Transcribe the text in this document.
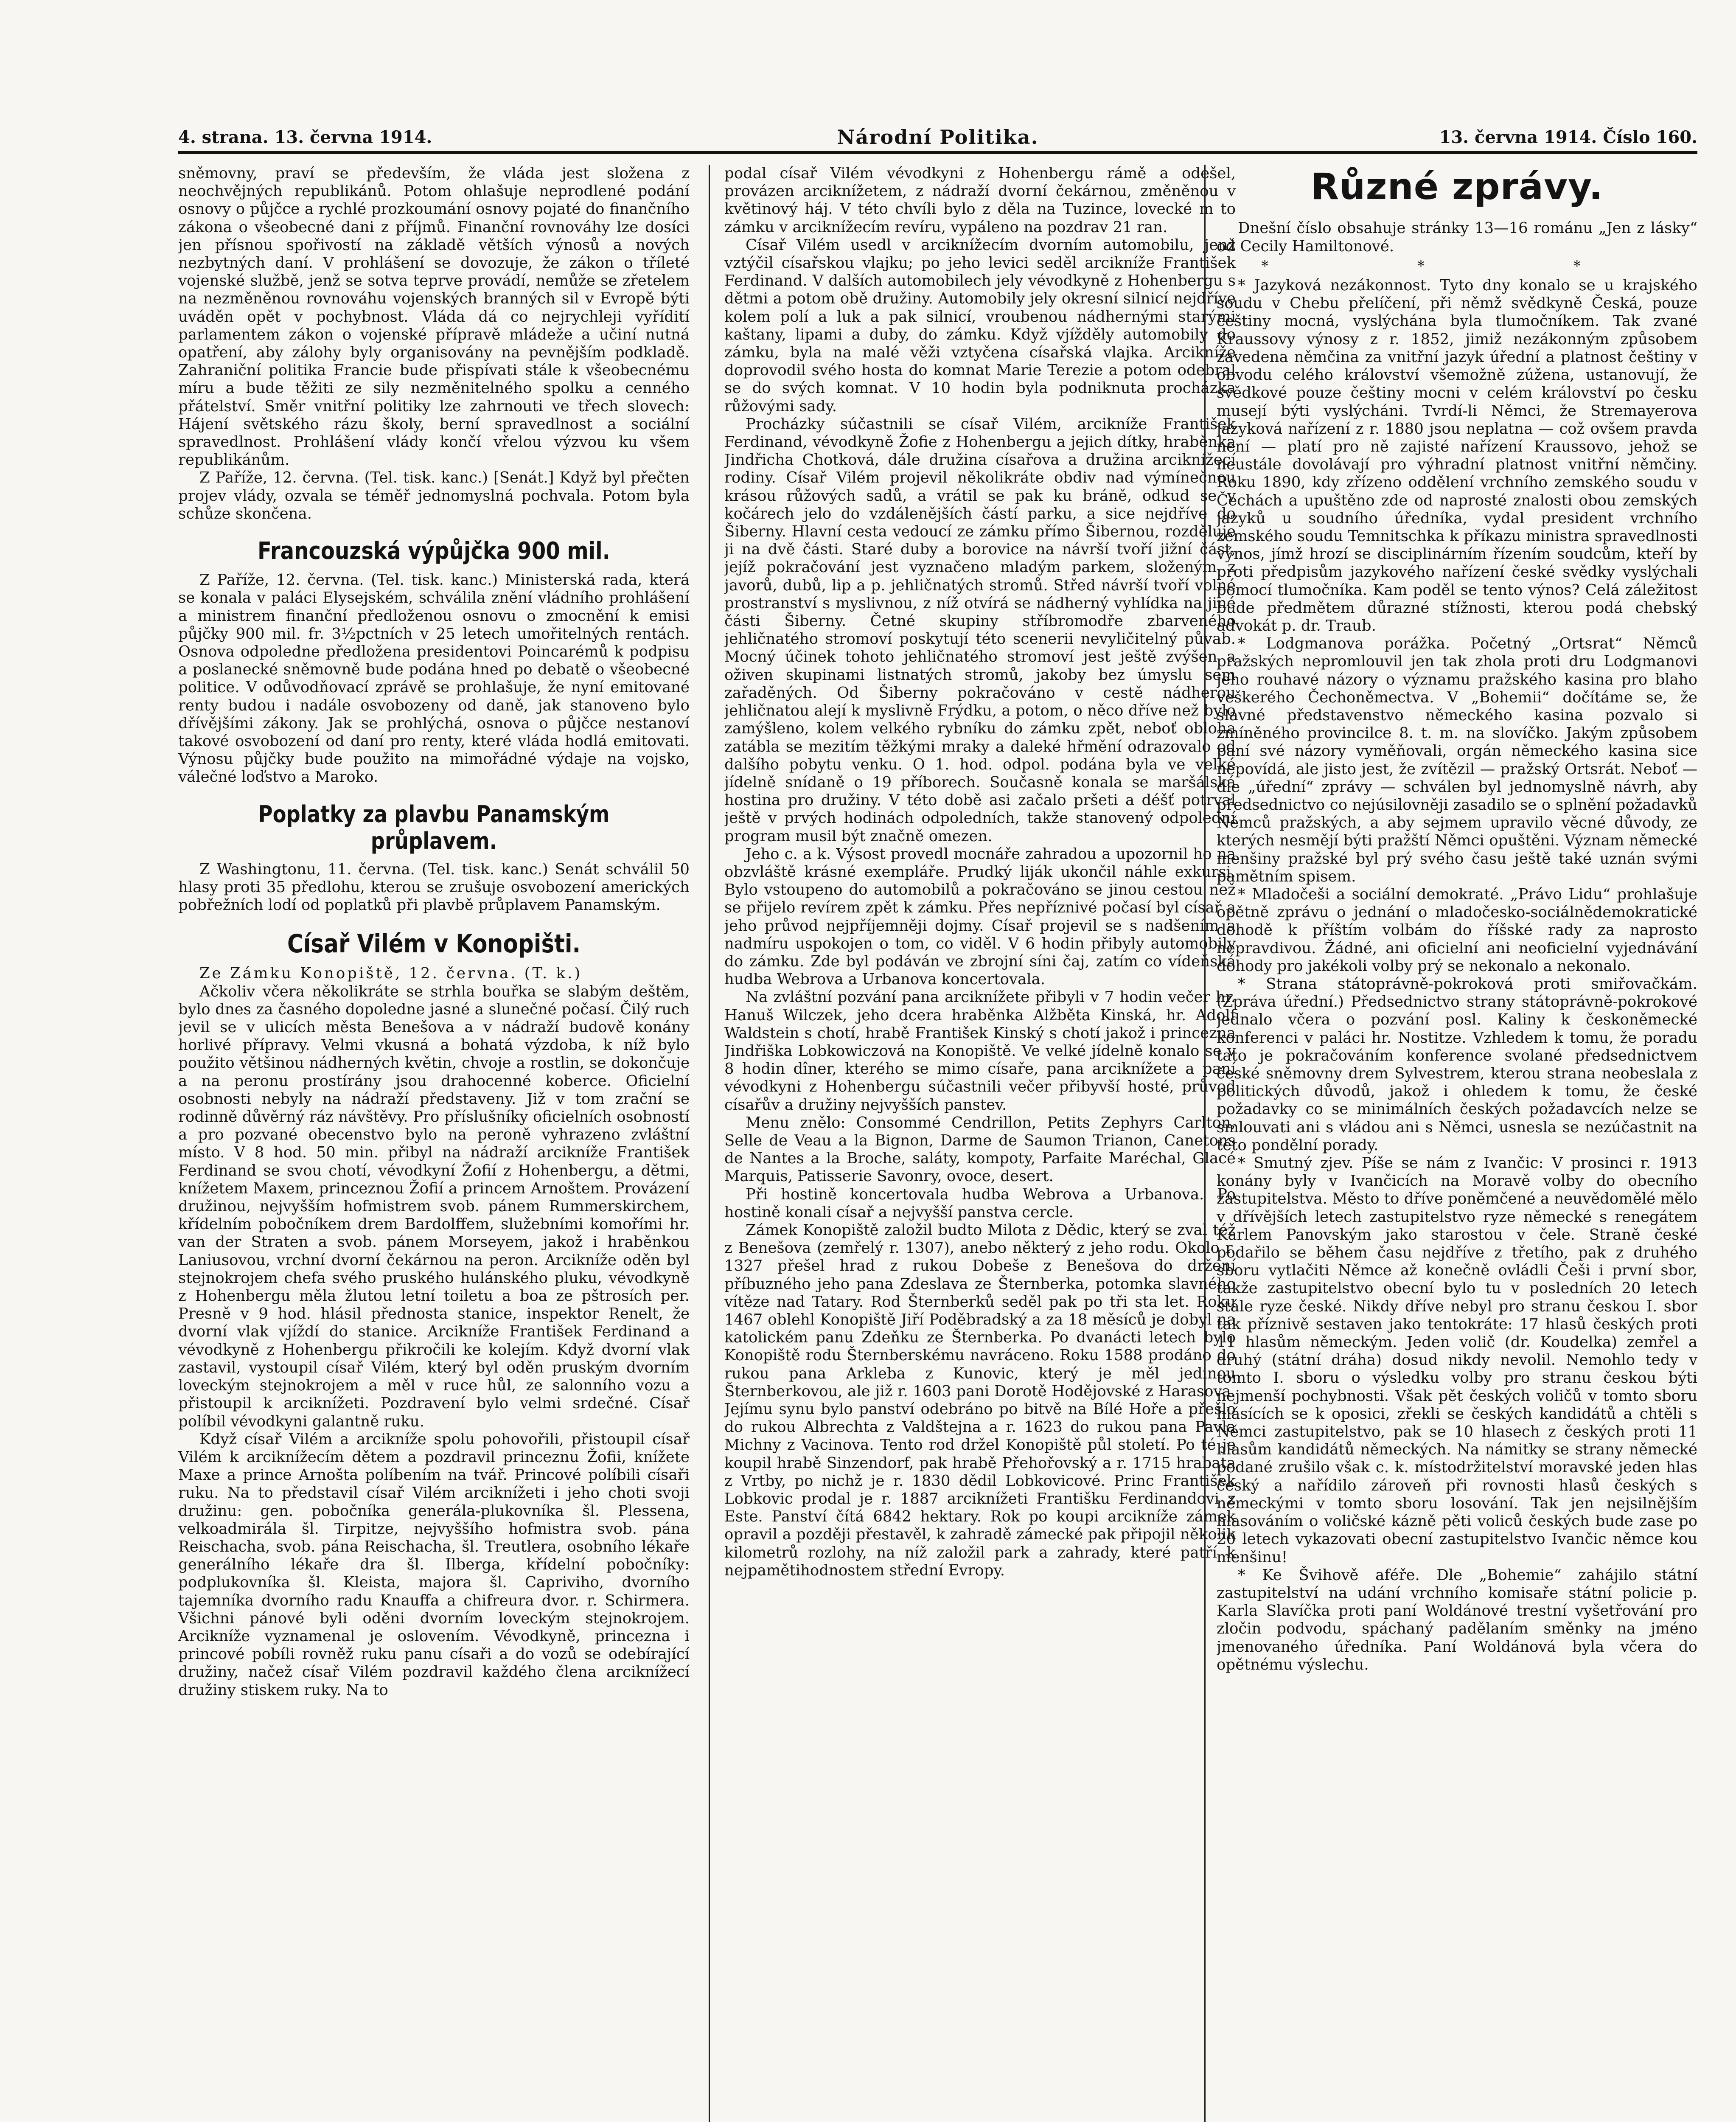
4. strana. 13. června 1914.	Národní Politika.	13. června 1914. Číslo 160.

sněmovny, praví se především, že vláda jest složena z neochvějných republikánů. Potom ohlašuje neprodlené podání osnovy o půjčce a rychlé prozkoumání osnovy pojaté do finančního zákona o všeobecné dani z příjmů. Finanční rovnováhy lze dosíci jen přísnou spořivostí na základě větších výnosů a nových nezbytných daní. V prohlášení se dovozuje, že zákon o tříleté vojenské službě, jenž se sotva teprve provádí, nemůže se zřetelem na nezměněnou rovnováhu vojenských branných sil v Evropě býti uváděn opět v pochybnost. Vláda dá co nejrychleji vyřídití parlamentem zákon o vojenské přípravě mládeže a učiní nutná opatření, aby zálohy byly organisovány na pevnějším podkladě. Zahraniční politika Francie bude přispívati stále k všeobecnému míru a bude těžiti ze sily nezměnitelného spolku a cenného přátelství. Směr vnitřní politiky lze zahrnouti ve třech slovech: Hájení světského rázu školy, berní spravedlnost a sociální spravedlnost. Prohlášení vlády končí vřelou výzvou ku všem republikánům.

Z Paříže, 12. června. (Tel. tisk. kanc.) [Senát.] Když byl přečten projev vlády, ozvala se téměř jednomyslná pochvala. Potom byla schůze skončena.

Francouzská výpůjčka 900 mil.

Z Paříže, 12. června. (Tel. tisk. kanc.) Ministerská rada, která se konala v paláci Elysejském, schválila znění vládního prohlášení a ministrem finanční předloženou osnovu o zmocnění k emisi půjčky 900 mil. fr. 3½pctních v 25 letech umořitelných rentách. Osnova odpoledne předložena presidentovi Poincarémů k podpisu a poslanecké sněmovně bude podána hned po debatě o všeobecné politice. V odůvodňovací zprávě se prohlašuje, že nyní emitované renty budou i nadále osvobozeny od daně, jak stanoveno bylo dřívějšími zákony. Jak se prohlýchá, osnova o půjčce nestanoví takové osvobození od daní pro renty, které vláda hodlá emitovati. Výnosu půjčky bude použito na mimořádné výdaje na vojsko, válečné loďstvo a Maroko.

Poplatky za plavbu Panamským průplavem.

Z Washingtonu, 11. června. (Tel. tisk. kanc.) Senát schválil 50 hlasy proti 35 předlohu, kterou se zrušuje osvobození amerických pobřežních lodí od poplatků při plavbě průplavem Panamským.

Císař Vilém v Konopišti.

Ze Zámku Konopiště, 12. června. (T. k.)

Ačkoliv včera několikráte se strhla bouřka se slabým deštěm, bylo dnes za časného dopoledne jasné a slunečné počasí. Čilý ruch jevil se v ulicích města Benešova a v nádraží budově konány horlivé přípravy. Velmi vkusná a bohatá výzdoba, k níž bylo použito většinou nádherných květin, chvoje a rostlin, se dokončuje a na peronu prostírány jsou drahocenné koberce. Oficielní osobnosti nebyly na nádraží představeny. Již v tom zrační se rodinně důvěrný ráz návštěvy. Pro příslušníky oficielních osobností a pro pozvané obecenstvo bylo na peroně vyhrazeno zvláštní místo. V 8 hod. 50 min. přibyl na nádraží arcikníže František Ferdinand se svou chotí, vévodkyní Žofií z Hohenbergu, a dětmi, knížetem Maxem, princeznou Žofií a princem Arnoštem. Provázení družinou, nejvyšším hofmistrem svob. pánem Rummerskirchem, křídelním pobočníkem drem Bardolffem, služebními komořími hr. van der Straten a svob. pánem Morseyem, jakož i hraběnkou Laniusovou, vrchní dvorní čekárnou na peron. Arcikníže oděn byl stejnokrojem chefa svého pruského hulánského pluku, vévodkyně z Hohenbergu měla žlutou letní toiletu a boa ze pštrosích per. Presně v 9 hod. hlásil přednosta stanice, inspektor Renelt, že dvorní vlak vjíždí do stanice. Arcikníže František Ferdinand a vévodkyně z Hohenbergu přikročili ke kolejím. Když dvorní vlak zastavil, vystoupil císař Vilém, který byl oděn pruským dvorním loveckým stejnokrojem a měl v ruce hůl, ze salonního vozu a přistoupil k arciknížeti. Pozdravení bylo velmi srdečné. Císař políbil vévodkyni galantně ruku.

Když císař Vilém a arcikníže spolu pohovořili, přistoupil císař Vilém k arciknížecím dětem a pozdravil princeznu Žofii, knížete Maxe a prince Arnošta políbením na tvář. Princové políbili císaři ruku. Na to představil císař Vilém arciknížeti i jeho choti svoji družinu: gen. pobočníka generála-plukovníka šl. Plessena, velkoadmirála šl. Tirpitze, nejvyššího hofmistra svob. pána Reischacha, svob. pána Reischacha, šl. Treutlera, osobního lékaře generálního lékaře dra šl. Ilberga, křídelní pobočníky: podplukovníka šl. Kleista, majora šl. Capriviho, dvorního tajemníka dvorního radu Knauffa a chifreura dvor. r. Schirmera. Všichni pánové byli oděni dvorním loveckým stejnokrojem. Arcikníže vyznamenal je oslovením. Vévodkyně, princezna i princové pobíli rovněž ruku panu císaři a do vozů se odebírající družiny, načež císař Vilém pozdravil každého člena arciknížecí družiny stiskem ruky. Na to

podal císař Vilém vévodkyni z Hohenbergu rámě a odešel, provázen arciknížetem, z nádraží dvorní čekárnou, změněnou v květinový háj. V této chvíli bylo z děla na Tuzince, lovecké m to zámku v arciknížecím revíru, vypáleno na pozdrav 21 ran.

Císař Vilém usedl v arciknížecím dvorním automobilu, jenž vztýčil císařskou vlajku; po jeho levici seděl arcikníže František Ferdinand. V dalších automobilech jely vévodkyně z Hohenbergu s dětmi a potom obě družiny. Automobily jely okresní silnicí nejdříve kolem polí a luk a pak silnicí, vroubenou nádhernými starými kaštany, lipami a duby, do zámku. Když vjížděly automobily do zámku, byla na malé věži vztyčena císařská vlajka. Arcikníže doprovodil svého hosta do komnat Marie Terezie a potom odebral se do svých komnat. V 10 hodin byla podniknuta procházka růžovými sady.

Procházky súčastnili se císař Vilém, arcikníže František Ferdinand, vévodkyně Žofie z Hohenbergu a jejich dítky, hraběnka Jindřicha Chotková, dále družina císařova a družina arciknížecí rodiny. Císař Vilém projevil několikráte obdiv nad výmínečnou krásou růžových sadů, a vrátil se pak ku bráně, odkud se v kočárech jelo do vzdálenějších částí parku, a sice nejdříve do Šiberny. Hlavní cesta vedoucí ze zámku přímo Šibernou, rozděluje ji na dvě části. Staré duby a borovice na návrší tvoří jižní část, jejíž pokračování jest vyznačeno mladým parkem, složeným z javorů, dubů, lip a p. jehličnatých stromů. Střed návrší tvoří volné prostranství s myslivnou, z níž otvírá se nádherný vyhlídka na jiné části Šiberny. Četné skupiny stříbromodře zbarveného jehličnatého stromoví poskytují této scenerii nevyličitelný půvab. Mocný účinek tohoto jehličnatého stromoví jest ještě zvýšen a oživen skupinami listnatých stromů, jakoby bez úmyslu sem zařaděných. Od Šiberny pokračováno v cestě nádherou jehličnatou alejí k myslivně Frýdku, a potom, o něco dříve než bylo zamýšleno, kolem velkého rybníku do zámku zpět, neboť obloha zatábla se mezitím těžkými mraky a daleké hřmění odrazovalo od dalšího pobytu venku. O 1. hod. odpol. podána byla ve velké jídelně snídaně o 19 příborech. Současně konala se maršálská hostina pro družiny. V této době asi začalo pršeti a déšť potrval ještě v prvých hodinách odpoledních, takže stanovený odpolední program musil být značně omezen.

Jeho c. a k. Výsost provedl mocnáře zahradou a upozornil ho na obzvláště krásné exempláře. Prudký liják ukončil náhle exkursi. Bylo vstoupeno do automobilů a pokračováno se jinou cestou než se přijelo revírem zpět k zámku. Přes nepříznivé počasí byl císař a jeho průvod nejpříjemněji dojmy. Císař projevil se s nadšením a nadmíru uspokojen o tom, co viděl. V 6 hodin přibyly automobily do zámku. Zde byl podáván ve zbrojní síni čaj, zatím co vídeňská hudba Webrova a Urbanova koncertovala.

Na zvláštní pozvání pana arciknížete přibyli v 7 hodin večer hr. Hanuš Wilczek, jeho dcera hraběnka Alžběta Kinská, hr. Adolf Waldstein s chotí, hrabě František Kinský s chotí jakož i princezna Jindřiška Lobkowiczová na Konopiště. Ve velké jídelně konalo se v 8 hodin dîner, kterého se mimo císaře, pana arciknížete a paní vévodkyni z Hohenbergu súčastnili večer přibyvší hosté, průvod císařův a družiny nejvyšších panstev.

Menu znělo: Consommé Cendrillon, Petits Zephyrs Carlton, Selle de Veau a la Bignon, Darme de Saumon Trianon, Canetons de Nantes a la Broche, saláty, kompoty, Parfaite Maréchal, Glacé Marquis, Patisserie Savonry, ovoce, desert.

Při hostině koncertovala hudba Webrova a Urbanova. Po hostině konali císař a nejvyšší panstva cercle.

Zámek Konopiště založil budto Milota z Dědic, který se zval též z Benešova (zemřelý r. 1307), anebo některý z jeho rodu. Okolo r. 1327 přešel hrad z rukou Dobeše z Benešova do držení příbuzného jeho pana Zdeslava ze Šternberka, potomka slavného vítěze nad Tatary. Rod Šternberků seděl pak po tři sta let. Roku 1467 oblehl Konopiště Jiří Poděbradský a za 18 měsíců je dobyl na katolickém panu Zdeňku ze Šternberka. Po dvanácti letech bylo Konopiště rodu Šternberskému navráceno. Roku 1588 prodáno do rukou pana Arkleba z Kunovic, který je měl jedinou Šternberkovou, ale již r. 1603 pani Dorotě Hodějovské z Harasova. Jejímu synu bylo panství odebráno po bitvě na Bílé Hoře a přešlo do rukou Albrechta z Valdštejna a r. 1623 do rukou pana Pavla Michny z Vacinova. Tento rod držel Konopiště půl století. Po té je koupil hrabě Sinzendorf, pak hrabě Přehořovský a r. 1715 hrabata z Vrtby, po nichž je r. 1830 dědil Lobkovicové. Princ František Lobkovic prodal je r. 1887 arciknížeti Františku Ferdinandovi z Este. Panství čítá 6842 hektary. Rok po koupi arcikníže zámek opravil a později přestavěl, k zahradě zámecké pak připojil několik kilometrů rozlohy, na níž založil park a zahrady, které patří k nejpamětihodnostem střední Evropy.

Různé zprávy.

Dnešní číslo obsahuje stránky 13—16 románu „Jen z lásky“ od Cecily Hamiltonové.

* * *

* Jazyková nezákonnost. Tyto dny konalo se u krajského soudu v Chebu přelíčení, při němž svědkyně Česká, pouze češtiny mocná, vyslýchána byla tlumočníkem. Tak zvané Kraussovy výnosy z r. 1852, jimiž nezákonným způsobem zavedena němčina za vnitřní jazyk úřední a platnost češtiny v obvodu celého království všemožně zúžena, ustanovují, že svědkové pouze češtiny mocni v celém království po česku musejí býti vyslýcháni. Tvrdí-li Němci, že Stremayerova jazyková nařízení z r. 1880 jsou neplatna — což ovšem pravda není — platí pro ně zajisté nařízení Kraussovo, jehož se neustále dovolávají pro výhradní platnost vnitřní němčiny. Roku 1890, kdy zřízeno oddělení vrchního zemského soudu v Čechách a upuštěno zde od naprosté znalosti obou zemských jazyků u soudního úředníka, vydal president vrchního zemského soudu Temnitschka k příkazu ministra spravedlnosti výnos, jímž hrozí se disciplinárním řízením soudcům, kteří by proti předpisům jazykového nařízení české svědky vyslýchali pomocí tlumočníka. Kam poděl se tento výnos? Celá záležitost bude předmětem důrazné stížnosti, kterou podá chebský advokát p. dr. Traub.

* Lodgmanova porážka. Početný „Ortsrat“ Němců pražských nepromlouvil jen tak zhola proti dru Lodgmanovi jeho rouhavé názory o významu pražského kasina pro blaho veškerého Čechoněmectva. V „Bohemii“ dočítáme se, že slavné představenstvo německého kasina pozvalo si zmíněného provincilce 8. t. m. na slovíčko. Jakým způsobem paní své názory vyměňovali, orgán německého kasina sice nepovídá, ale jisto jest, že zvítězil — pražský Ortsrát. Neboť — dle „úřední“ zprávy — schválen byl jednomyslně návrh, aby předsednictvo co nejúsilovněji zasadilo se o splnění požadavků Němců pražských, a aby sejmem upravilo věcné důvody, ze kterých nesmějí býti pražští Němci opuštěni. Význam německé menšiny pražské byl prý svého času ještě také uznán svými pamětním spisem.

* Mladočeši a sociální demokraté. „Právo Lidu“ prohlašuje opětně zprávu o jednání o mladočesko-sociálnědemokratické dohodě k příštím volbám do říšské rady za naprosto nepravdivou. Žádné, ani oficielní ani neoficielní vyjednávání dohody pro jakékoli volby prý se nekonalo a nekonalo.

* Strana státoprávně-pokroková proti smiřovačkám. (Zpráva úřední.) Předsednictvo strany státoprávně-pokrokové jednalo včera o pozvání posl. Kaliny k českoněmecké konferenci v paláci hr. Nostitze. Vzhledem k tomu, že poradu tato je pokračováním konference svolané předsednictvem české sněmovny drem Sylvestrem, kterou strana neobeslala z politických důvodů, jakož i ohledem k tomu, že české požadavky co se minimálních českých požadavcích nelze se smlouvati ani s vládou ani s Němci, usnesla se nezúčastnit na této pondělní porady.

* Smutný zjev. Píše se nám z Ivančic: V prosinci r. 1913 konány byly v Ivančicích na Moravě volby do obecního zastupitelstva. Město to dříve poněmčené a neuvědomělé mělo v dřívějších letech zastupitelstvo ryze německé s renegátem Karlem Panovským jako starostou v čele. Straně české podařilo se během času nejdříve z třetího, pak z druhého sboru vytlačiti Němce až konečně ovládli Češi i první sbor, takže zastupitelstvo obecní bylo tu v posledních 20 letech stále ryze české. Nikdy dříve nebyl pro stranu českou I. sbor tak příznivě sestaven jako tentokráte: 17 hlasů českých proti 11 hlasům německým. Jeden volič (dr. Koudelka) zemřel a druhý (státní dráha) dosud nikdy nevolil. Nemohlo tedy v tomto I. sboru o výsledku volby pro stranu českou býti nejmenší pochybnosti. Však pět českých voličů v tomto sboru hlásících se k oposici, zřekli se českých kandidátů a chtěli s Němci zastupitelstvo, pak se 10 hlasech z českých proti 11 hlasům kandidátů německých. Na námitky se strany německé podané zrušilo však c. k. místodržitelství moravské jeden hlas český a nařídilo zároveň při rovnosti hlasů českých s německými v tomto sboru losování. Tak jen nejsilnějším hlasováním o voličské kázně pěti voliců českých bude zase po 20 letech vykazovati obecní zastupitelstvo Ivančic němce kou menšinu!

* Ke Švihově aféře. Dle „Bohemie“ zahájilo státní zastupitelství na udání vrchního komisaře státní policie p. Karla Slavíčka proti paní Woldánové trestní vyšetřování pro zločin podvodu, spáchaný padělaním směnky na jméno jmenovaného úředníka. Paní Woldánová byla včera do opětnému výslechu.
